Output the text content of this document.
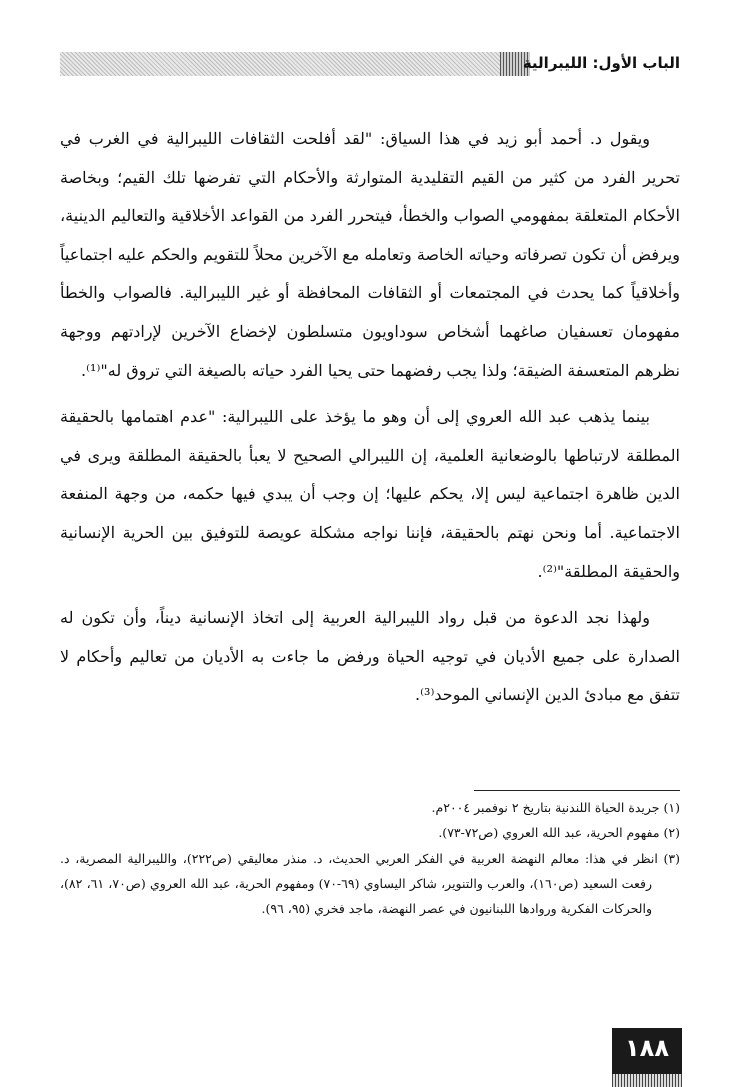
الباب الأول: الليبرالية

ويقول د. أحمد أبو زيد في هذا السياق: "لقد أفلحت الثقافات الليبرالية في الغرب في تحرير الفرد من كثير من القيم التقليدية المتوارثة والأحكام التي تفرضها تلك القيم؛ وبخاصة الأحكام المتعلقة بمفهومي الصواب والخطأ، فيتحرر الفرد من القواعد الأخلاقية والتعاليم الدينية، ويرفض أن تكون تصرفاته وحياته الخاصة وتعامله مع الآخرين محلاً للتقويم والحكم عليه اجتماعياً وأخلاقياً كما يحدث في المجتمعات أو الثقافات المحافظة أو غير الليبرالية. فالصواب والخطأ مفهومان تعسفيان صاغهما أشخاص سوداويون متسلطون لإخضاع الآخرين لإرادتهم ووجهة نظرهم المتعسفة الضيقة؛ ولذا يجب رفضهما حتى يحيا الفرد حياته بالصيغة التي تروق له"⁽¹⁾.

بينما يذهب عبد الله العروي إلى أن وهو ما يؤخذ على الليبرالية: "عدم اهتمامها بالحقيقة المطلقة لارتباطها بالوضعانية العلمية، إن الليبرالي الصحيح لا يعبأ بالحقيقة المطلقة ويرى في الدين ظاهرة اجتماعية ليس إلا، يحكم عليها؛ إن وجب أن يبدي فيها حكمه، من وجهة المنفعة الاجتماعية. أما ونحن نهتم بالحقيقة، فإننا نواجه مشكلة عويصة للتوفيق بين الحرية الإنسانية والحقيقة المطلقة"⁽²⁾.

ولهذا نجد الدعوة من قبل رواد الليبرالية العربية إلى اتخاذ الإنسانية ديناً، وأن تكون له الصدارة على جميع الأديان في توجيه الحياة ورفض ما جاءت به الأديان من تعاليم وأحكام لا تتفق مع مبادئ الدين الإنساني الموحد⁽³⁾.

(١) جريدة الحياة اللندنية بتاريخ ٢ نوفمبر ٢٠٠٤م.

(٢) مفهوم الحرية، عبد الله العروي (ص٧٢-٧٣).

(٣) انظر في هذا: معالم النهضة العربية في الفكر العربي الحديث، د. منذر معاليقي (ص٢٢٢)، والليبرالية المصرية، د. رفعت السعيد (ص١٦٠)، والعرب والتنوير، شاكر اليساوي (٦٩-٧٠) ومفهوم الحرية، عبد الله العروي (ص٧٠، ٦١، ٨٢)، والحركات الفكرية وروادها اللبنانيون في عصر النهضة، ماجد فخري (٩٥، ٩٦).

١٨٨
